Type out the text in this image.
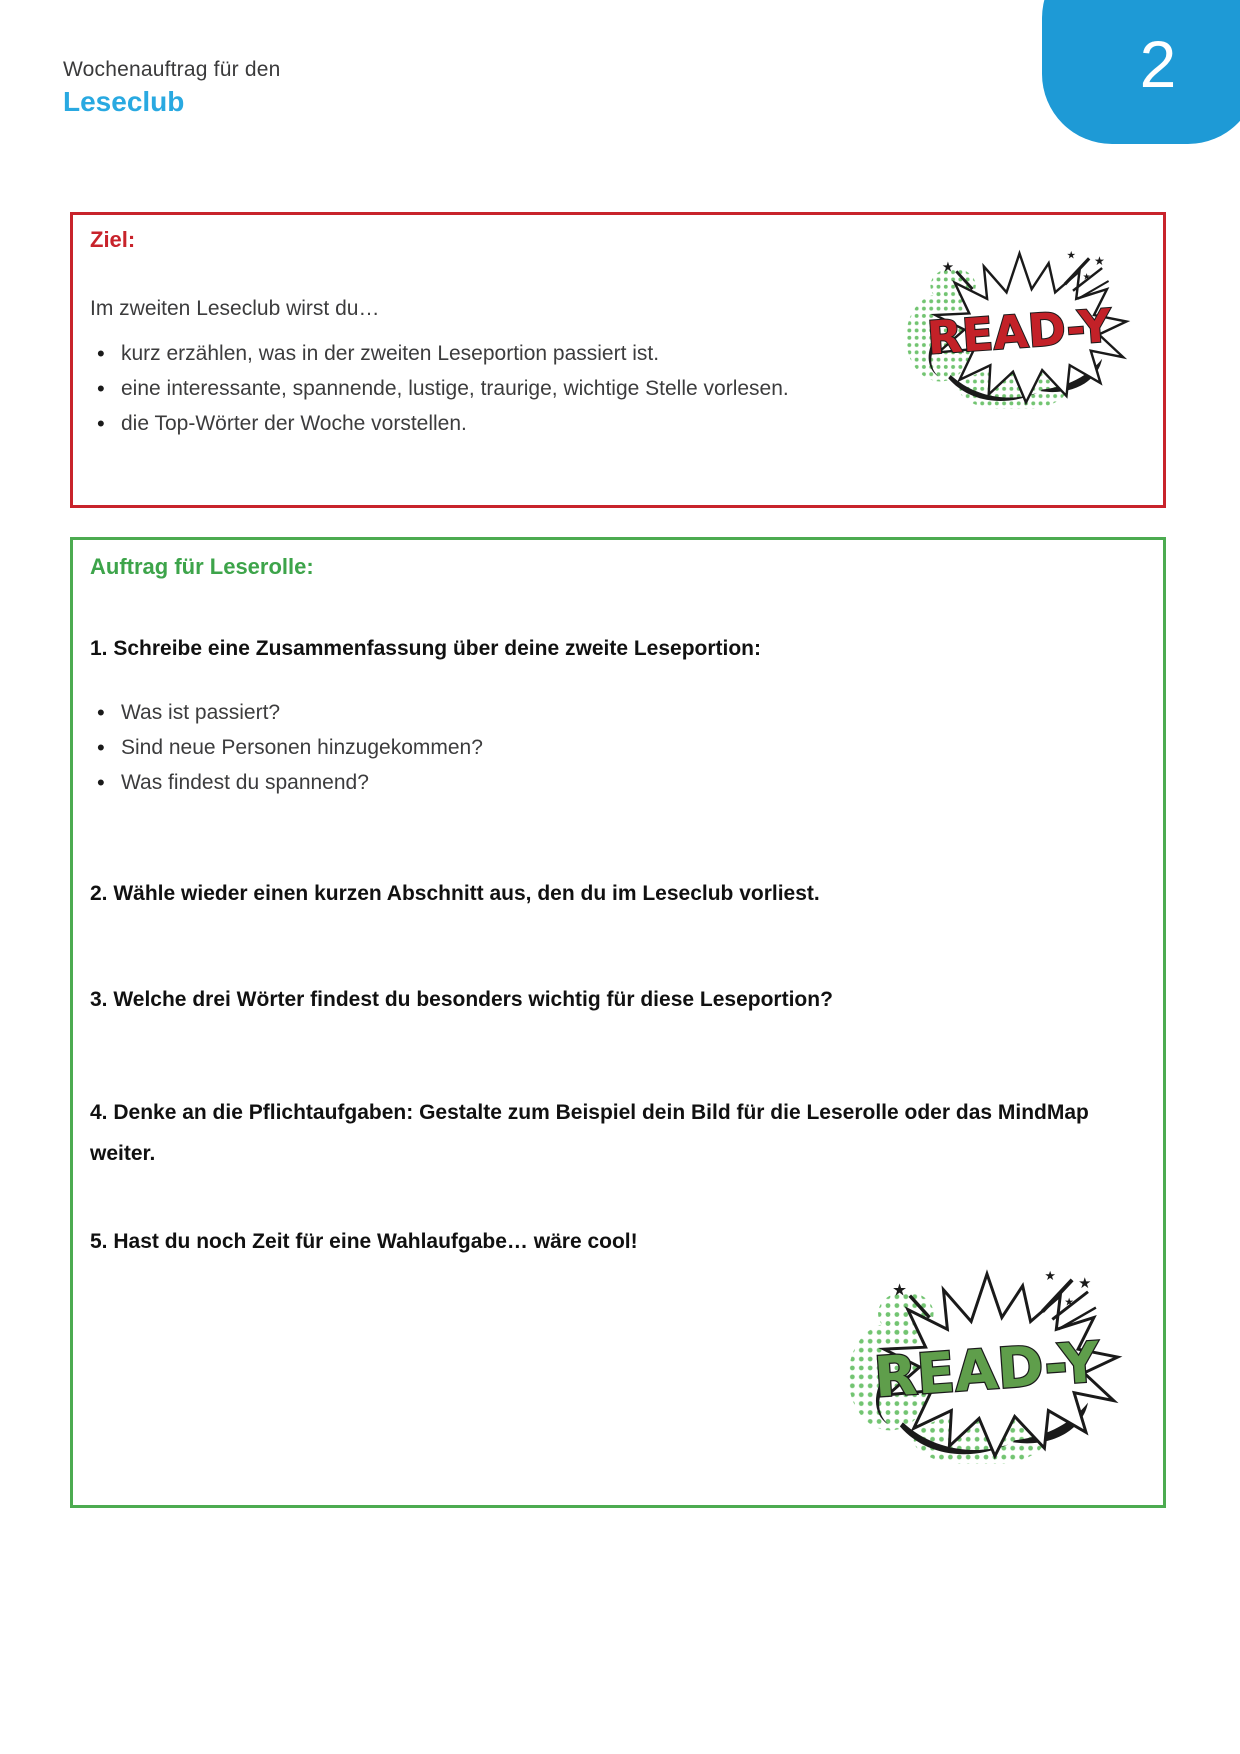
Wochenauftrag für den
Leseclub
2
Ziel:
Im zweiten Leseclub wirst du…
• kurz erzählen, was in der zweiten Leseportion passiert ist.
• eine interessante, spannende, lustige, traurige, wichtige Stelle vorlesen.
• die Top-Wörter der Woche vorstellen.
READ-Y
Auftrag für Leserolle:
1. Schreibe eine Zusammenfassung über deine zweite Leseportion:
• Was ist passiert?
• Sind neue Personen hinzugekommen?
• Was findest du spannend?
2. Wähle wieder einen kurzen Abschnitt aus, den du im Leseclub vorliest.
3. Welche drei Wörter findest du besonders wichtig für diese Leseportion?
4. Denke an die Pflichtaufgaben: Gestalte zum Beispiel dein Bild für die Leserolle oder das MindMap weiter.
5. Hast du noch Zeit für eine Wahlaufgabe… wäre cool!
READ-Y
